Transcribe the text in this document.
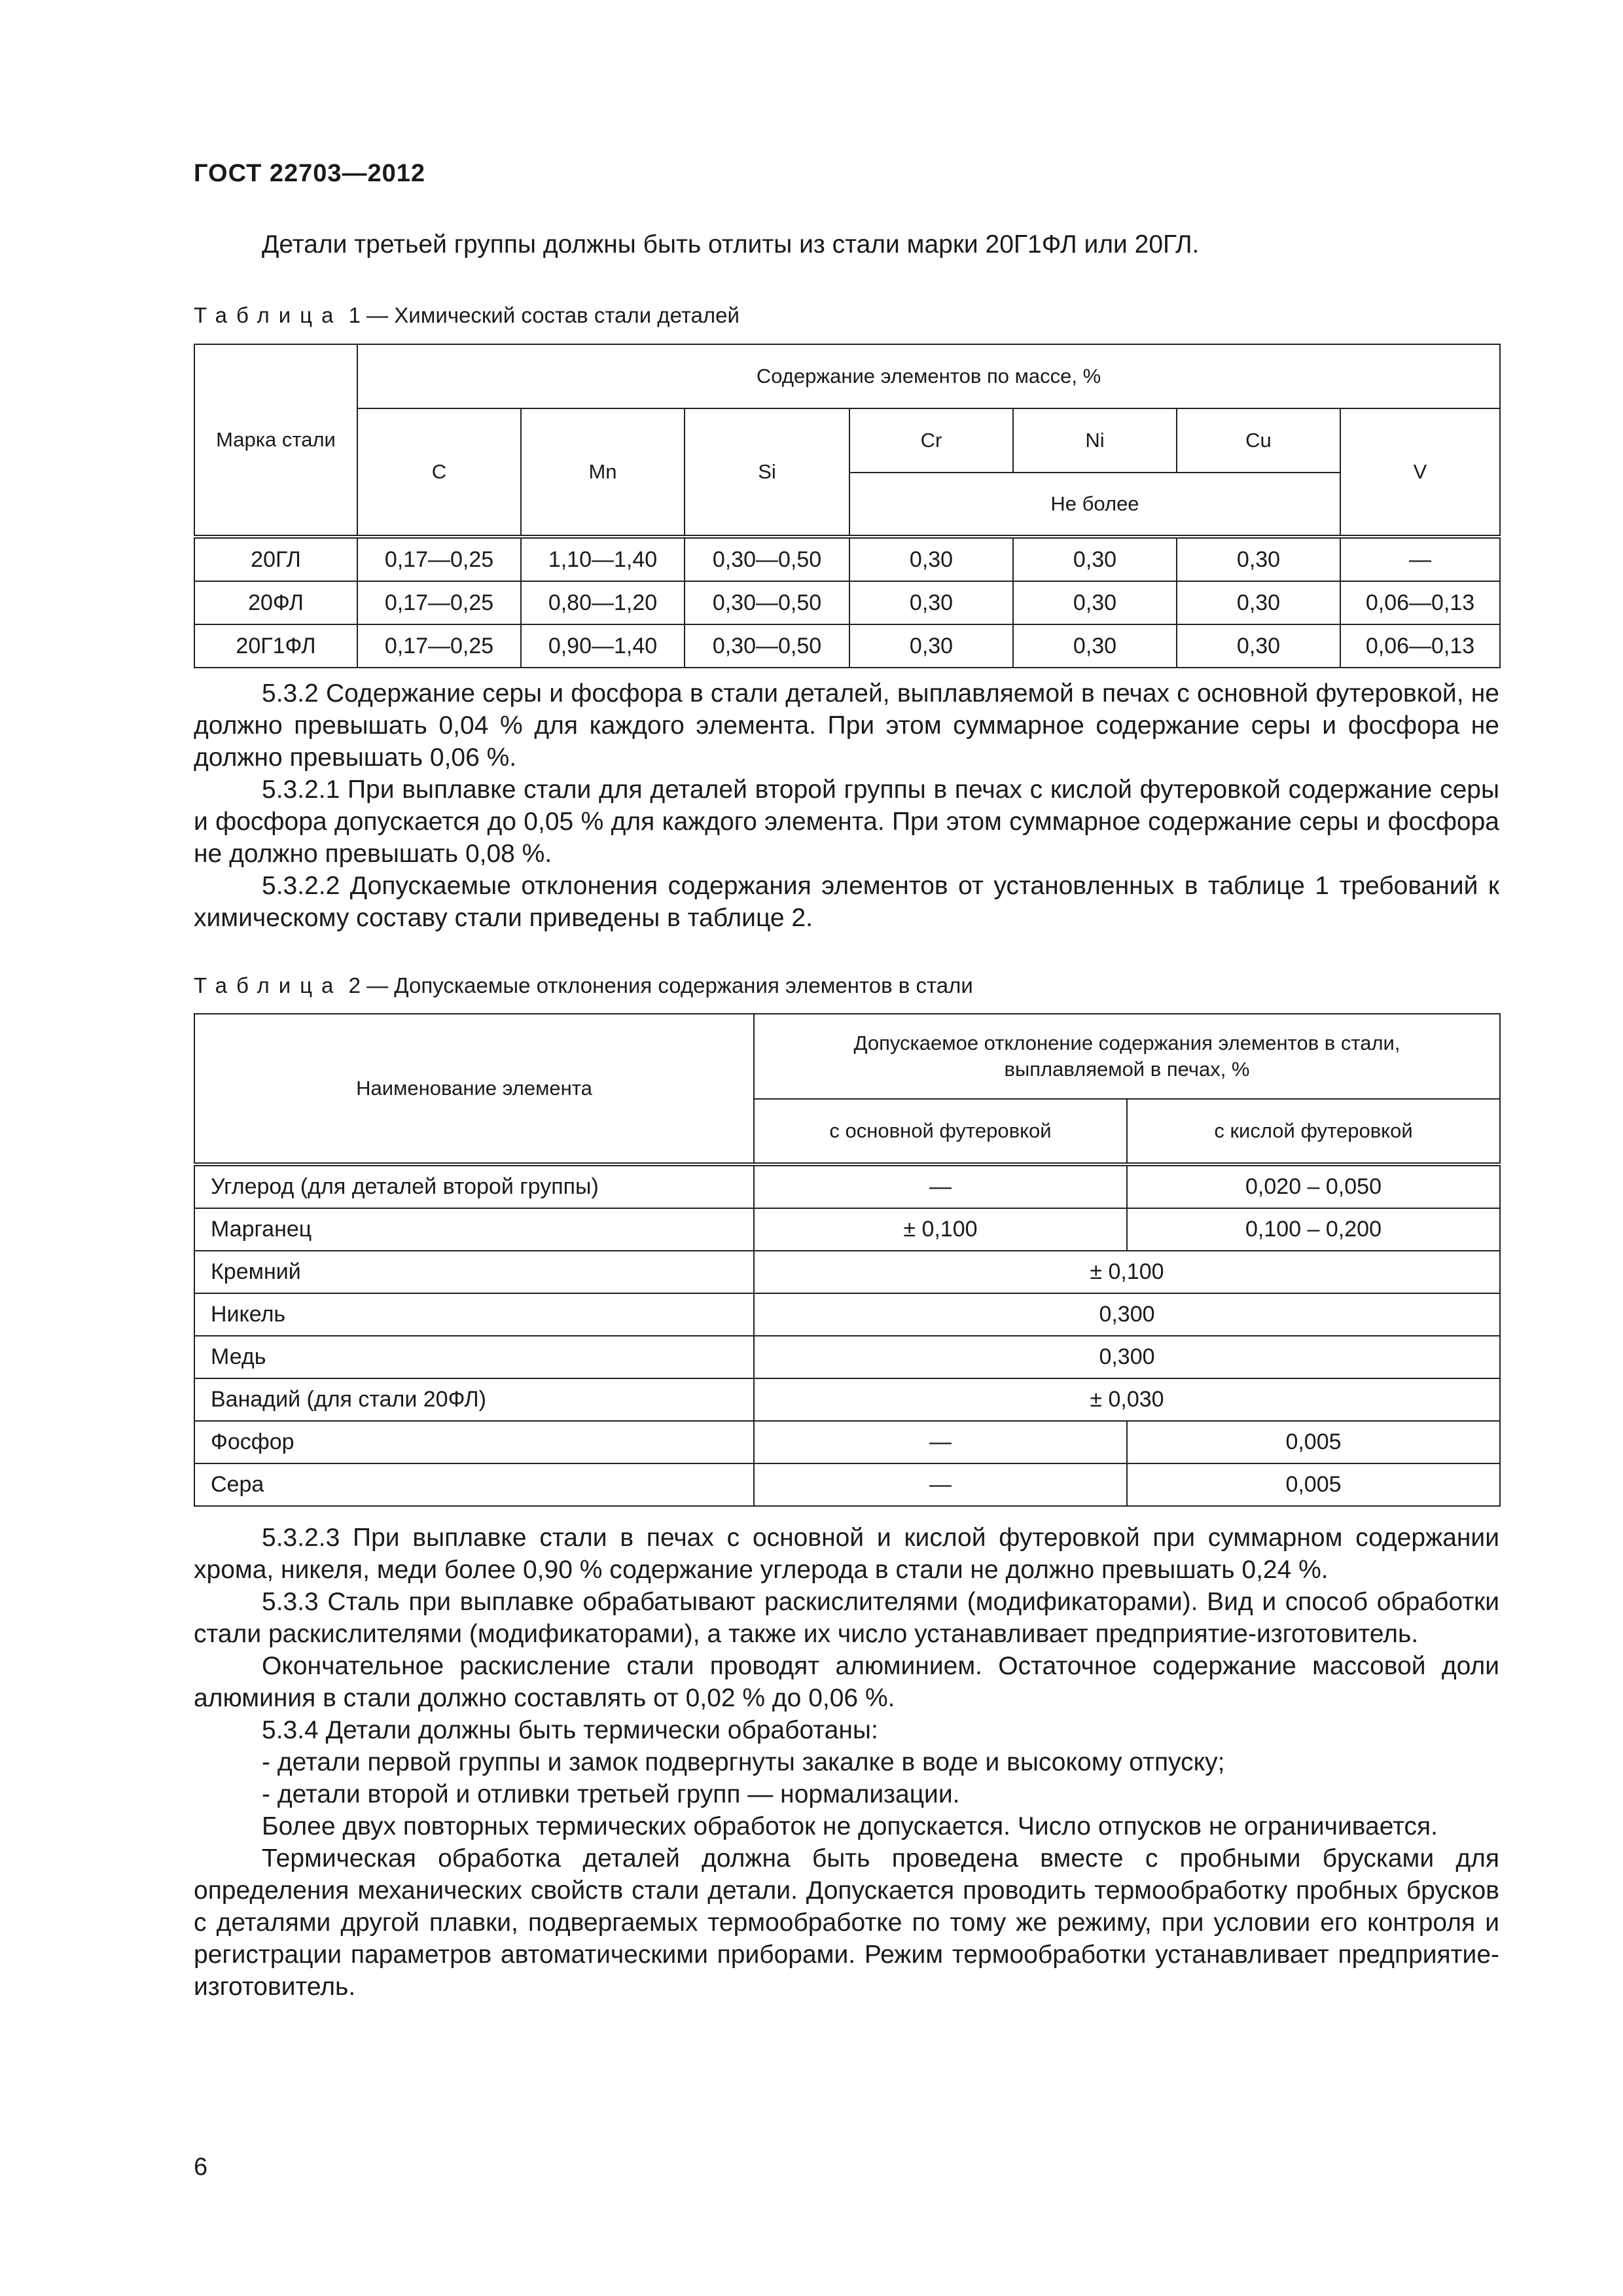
ГОСТ 22703—2012
Детали третьей группы должны быть отлиты из стали марки 20Г1ФЛ или 20ГЛ.
Таблица 1 — Химический состав стали деталей
Марка стали	Содержание элементов по массе, %						
	C	Mn	Si	Cr	Ni	Cu	V
				Не более			
20ГЛ	0,17—0,25	1,10—1,40	0,30—0,50	0,30	0,30	0,30	—
20ФЛ	0,17—0,25	0,80—1,20	0,30—0,50	0,30	0,30	0,30	0,06—0,13
20Г1ФЛ	0,17—0,25	0,90—1,40	0,30—0,50	0,30	0,30	0,30	0,06—0,13

5.3.2 Содержание серы и фосфора в стали деталей, выплавляемой в печах с основной футеровкой, не должно превышать 0,04 % для каждого элемента. При этом суммарное содержание серы и фосфора не должно превышать 0,06 %.

5.3.2.1 При выплавке стали для деталей второй группы в печах с кислой футеровкой содержание серы и фосфора допускается до 0,05 % для каждого элемента. При этом суммарное содержание серы и фосфора не должно превышать 0,08 %.

5.3.2.2 Допускаемые отклонения содержания элементов от установленных в таблице 1 требований к химическому составу стали приведены в таблице 2.

Таблица 2 — Допускаемые отклонения содержания элементов в стали
Наименование элемента	Допускаемое отклонение содержания элементов в стали, выплавляемой в печах, %	
	с основной футеровкой	с кислой футеровкой
Углерод (для деталей второй группы)	—	0,020 – 0,050
Марганец	± 0,100	0,100 – 0,200
Кремний	± 0,100	
Никель	0,300	
Медь	0,300	
Ванадий (для стали 20ФЛ)	± 0,030	
Фосфор	—	0,005
Сера	—	0,005

5.3.2.3 При выплавке стали в печах с основной и кислой футеровкой при суммарном содержании хрома, никеля, меди более 0,90 % содержание углерода в стали не должно превышать 0,24 %.

5.3.3 Сталь при выплавке обрабатывают раскислителями (модификаторами). Вид и способ обработки стали раскислителями (модификаторами), а также их число устанавливает предприятие-изготовитель.

Окончательное раскисление стали проводят алюминием. Остаточное содержание массовой доли алюминия в стали должно составлять от 0,02 % до 0,06 %.

5.3.4 Детали должны быть термически обработаны:

- детали первой группы и замок подвергнуты закалке в воде и высокому отпуску;

- детали второй и отливки третьей групп — нормализации.

Более двух повторных термических обработок не допускается. Число отпусков не ограничивается.

Термическая обработка деталей должна быть проведена вместе с пробными брусками для определения механических свойств стали детали. Допускается проводить термообработку пробных брусков с деталями другой плавки, подвергаемых термообработке по тому же режиму, при условии его контроля и регистрации параметров автоматическими приборами. Режим термообработки устанавливает предприятие-изготовитель.

6
